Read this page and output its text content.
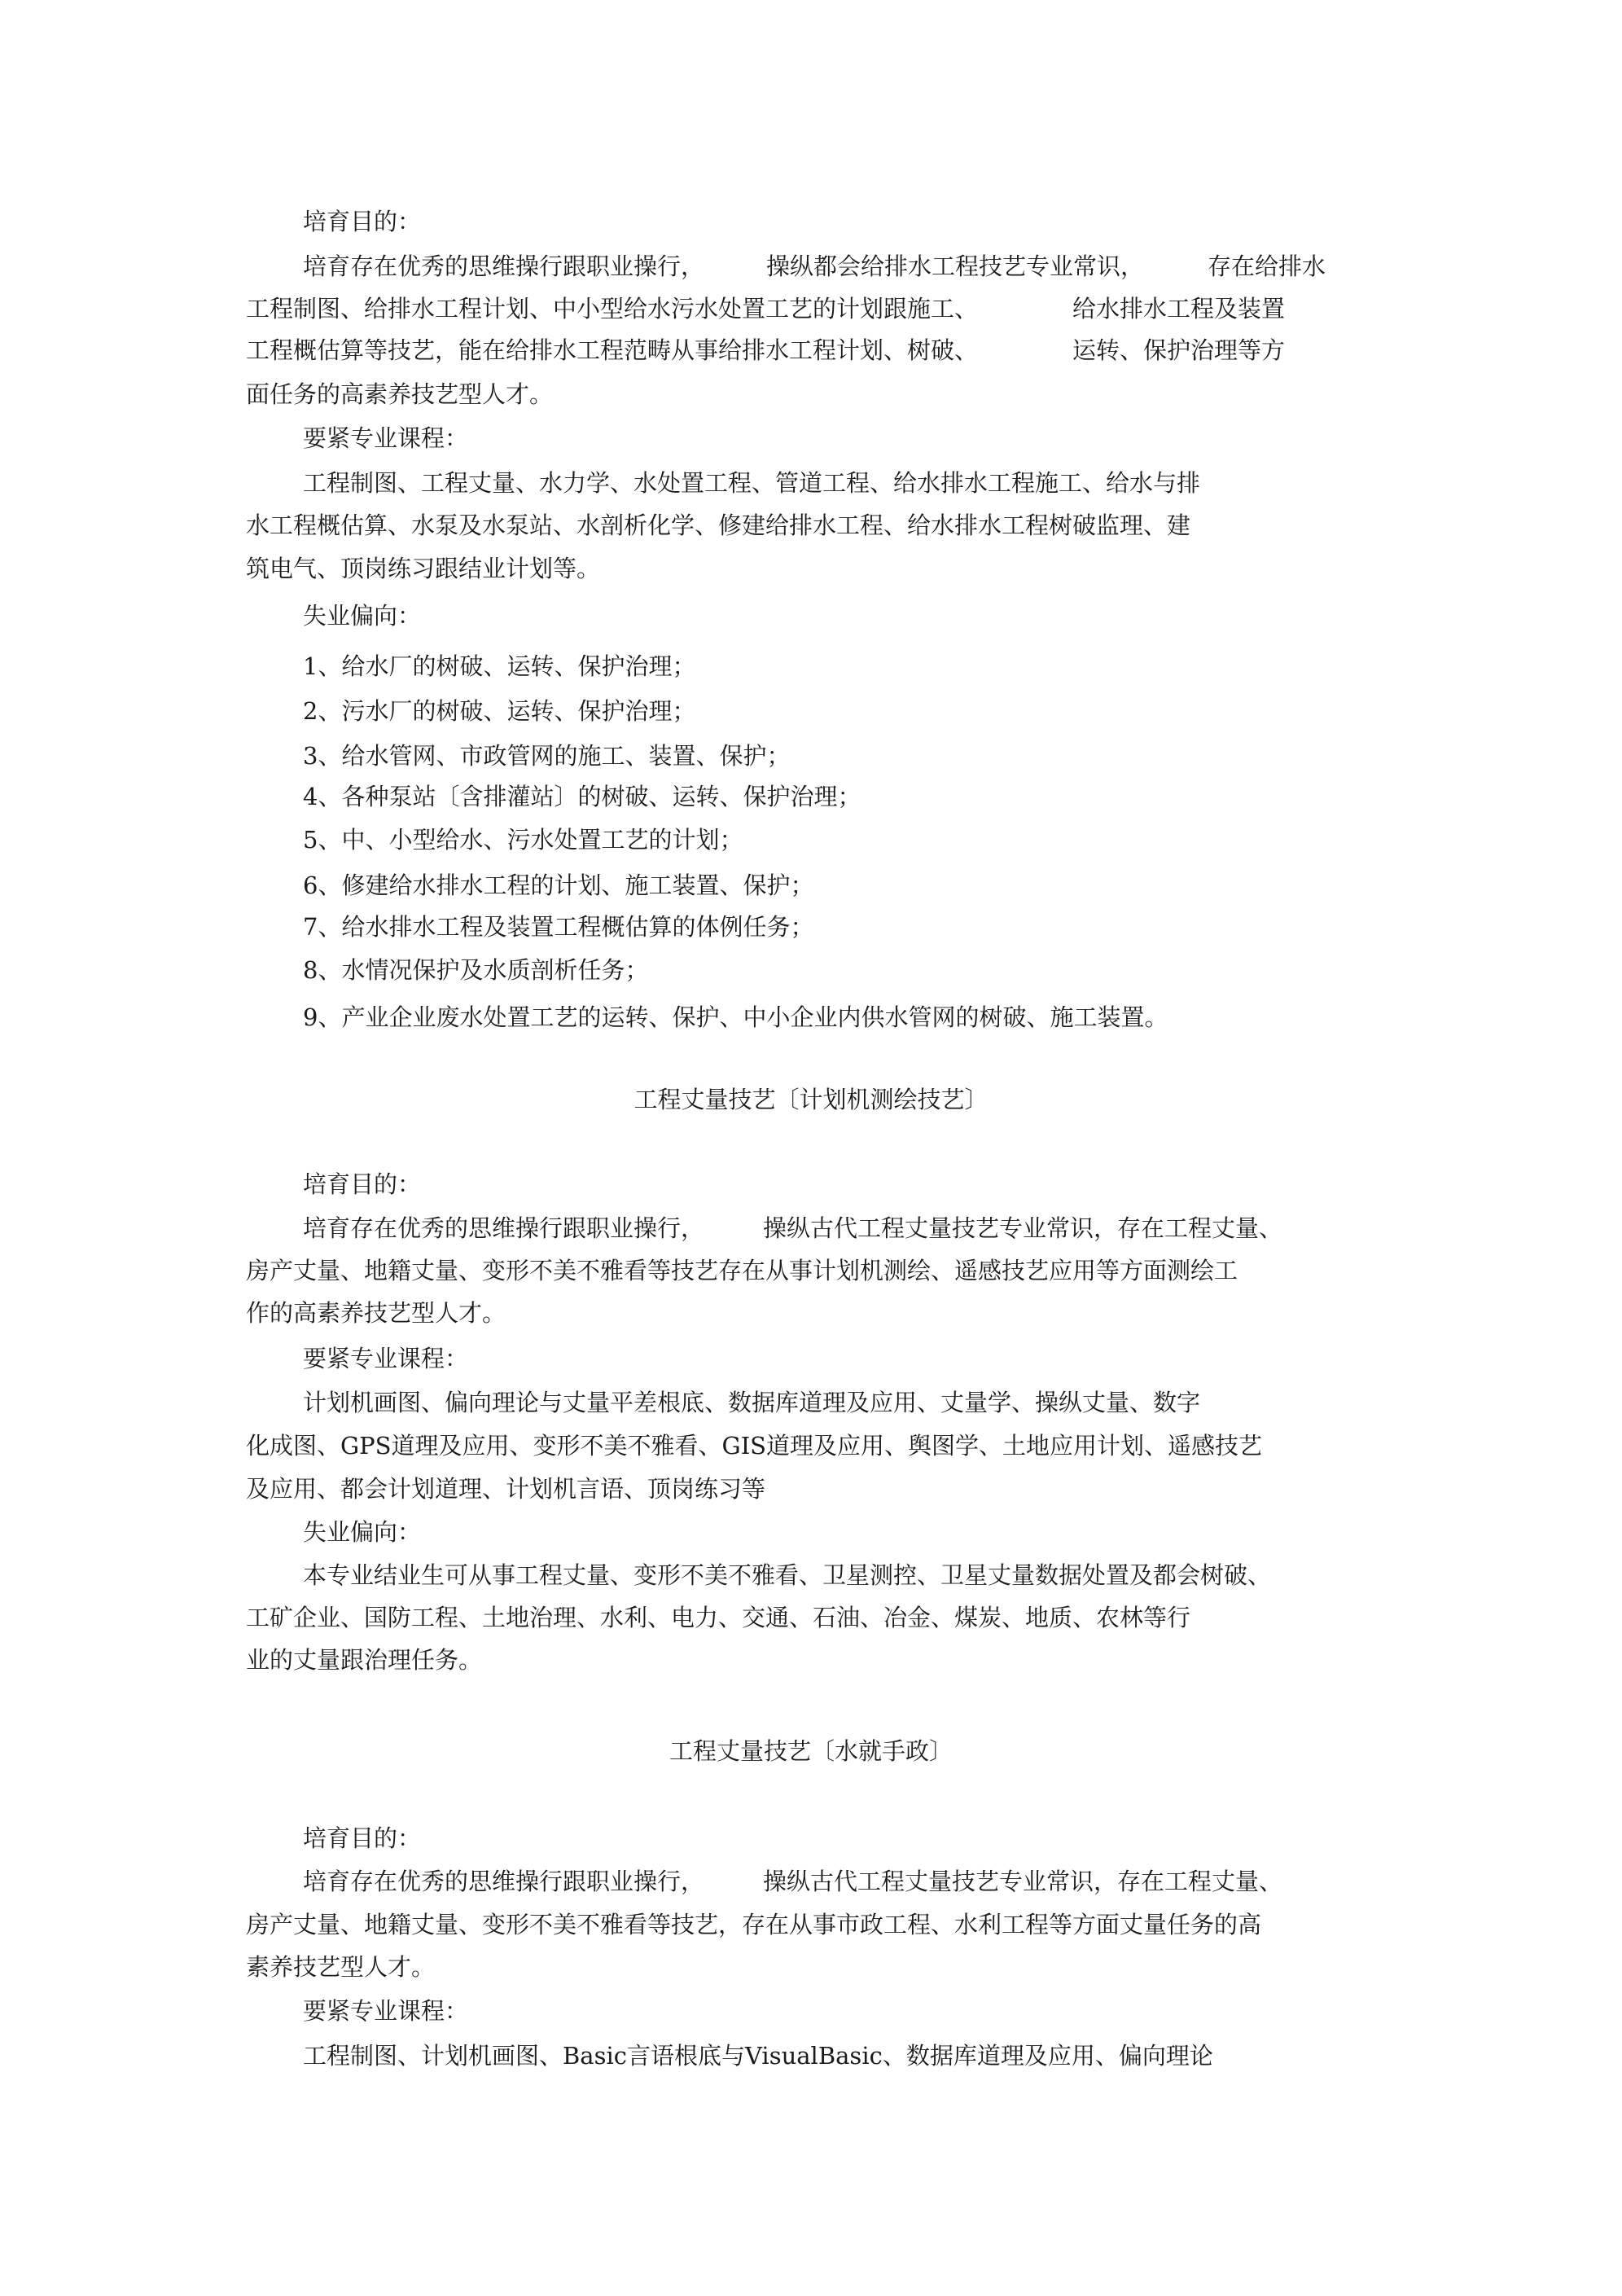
培育目的：
培育存在优秀的思维操行跟职业操行，	操纵都会给排水工程技艺专业常识，	存在给排水
工程制图、给排水工程计划、中小型给水污水处置工艺的计划跟施工、	给水排水工程及装置
工程概估算等技艺，能在给排水工程范畴从事给排水工程计划、树破、	运转、保护治理等方
面任务的高素养技艺型人才。
要紧专业课程：
工程制图、工程丈量、水力学、水处置工程、管道工程、给水排水工程施工、给水与排
水工程概估算、水泵及水泵站、水剖析化学、修建给排水工程、给水排水工程树破监理、建
筑电气、顶岗练习跟结业计划等。
失业偏向：
1、给水厂的树破、运转、保护治理；
2、污水厂的树破、运转、保护治理；
3、给水管网、市政管网的施工、装置、保护；
4、各种泵站〔含排灌站〕的树破、运转、保护治理；
5、中、小型给水、污水处置工艺的计划；
6、修建给水排水工程的计划、施工装置、保护；
7、给水排水工程及装置工程概估算的体例任务；
8、水情况保护及水质剖析任务；
9、产业企业废水处置工艺的运转、保护、中小企业内供水管网的树破、施工装置。
工程丈量技艺〔计划机测绘技艺〕
培育目的：
培育存在优秀的思维操行跟职业操行， 操纵古代工程丈量技艺专业常识，存在工程丈量、
房产丈量、地籍丈量、变形不美不雅看等技艺存在从事计划机测绘、遥感技艺应用等方面测绘工
作的高素养技艺型人才。
要紧专业课程：
计划机画图、偏向理论与丈量平差根底、数据库道理及应用、丈量学、操纵丈量、数字
化成图、GPS道理及应用、变形不美不雅看、GIS道理及应用、舆图学、土地应用计划、遥感技艺
及应用、都会计划道理、计划机言语、顶岗练习等
失业偏向：
本专业结业生可从事工程丈量、变形不美不雅看、卫星测控、卫星丈量数据处置及都会树破、
工矿企业、国防工程、土地治理、水利、电力、交通、石油、冶金、煤炭、地质、农林等行
业的丈量跟治理任务。
工程丈量技艺〔水就手政〕
培育目的：
培育存在优秀的思维操行跟职业操行， 操纵古代工程丈量技艺专业常识，存在工程丈量、
房产丈量、地籍丈量、变形不美不雅看等技艺，存在从事市政工程、水利工程等方面丈量任务的高
素养技艺型人才。
要紧专业课程：
工程制图、计划机画图、Basic言语根底与VisualBasic、数据库道理及应用、偏向理论
